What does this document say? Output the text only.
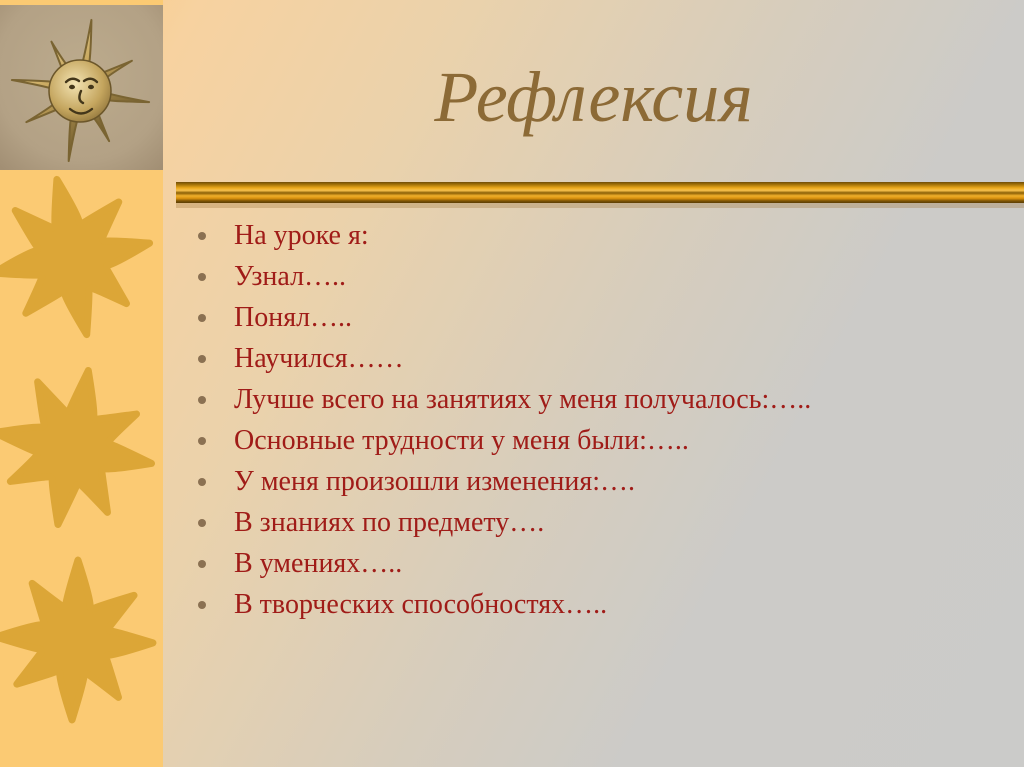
Рефлексия
На уроке я:
Узнал…..
Понял…..
Научился……
Лучше всего на занятиях у меня получалось:…..
Основные трудности у меня были:…..
У меня произошли изменения:….
В знаниях по предмету….
В умениях…..
В творческих способностях…..
